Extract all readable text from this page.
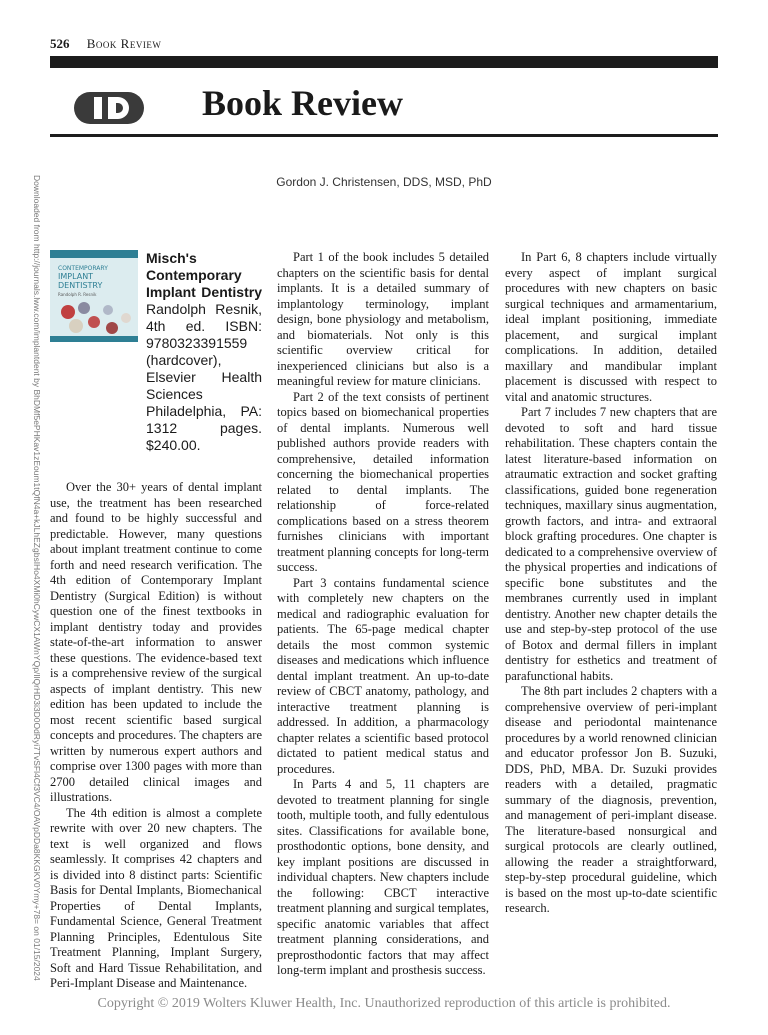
526 Book Review
Book Review
Downloaded from http://journals.lww.com/implantdent by BhDMf5ePHKav1zEoum1tQfN4a+kJLhEZgbsIHo4XMi0hCywCX1AWnYQp/IlQrHD3i3D0OdRyi7TvSFl4Cf3VC4/OAVpDDa8KKGKV0Ymy+78= on 01/15/2024	Gordon J. Christensen, DDS, MSD, PhD
CONTEMPORARY
IMPLANT
DENTISTRY
Randolph R. Resnik
Misch's Contemporary Implant Dentistry Randolph Resnik, 4th ed. ISBN: 9780323391559 (hardcover), Elsevier Health Sciences Philadelphia, PA: 1312 pages. $240.00.

Over the 30+ years of dental implant use, the treatment has been researched and found to be highly successful and predictable. However, many questions about implant treatment continue to come forth and need research verification. The 4th edition of Contemporary Implant Dentistry (Surgical Edition) is without question one of the finest textbooks in implant dentistry today and provides state-of-the-art information to answer these questions. The evidence-based text is a comprehensive review of the surgical aspects of implant dentistry. This new edition has been updated to include the most recent scientific based surgical concepts and procedures. The chapters are written by numerous expert authors and comprise over 1300 pages with more than 2700 detailed clinical images and illustrations.

The 4th edition is almost a complete rewrite with over 20 new chapters. The text is well organized and flows seamlessly. It comprises 42 chapters and is divided into 8 distinct parts: Scientific Basis for Dental Implants, Biomechanical Properties of Dental Implants, Fundamental Science, General Treatment Planning Principles, Edentulous Site Treatment Planning, Implant Surgery, Soft and Hard Tissue Rehabilitation, and Peri-Implant Disease and Maintenance.

Part 1 of the book includes 5 detailed chapters on the scientific basis for dental implants. It is a detailed summary of implantology terminology, implant design, bone physiology and metabolism, and biomaterials. Not only is this scientific overview critical for inexperienced clinicians but also is a meaningful review for mature clinicians.

Part 2 of the text consists of pertinent topics based on biomechanical properties of dental implants. Numerous well published authors provide readers with comprehensive, detailed information concerning the biomechanical properties related to dental implants. The relationship of force-related complications based on a stress theorem furnishes clinicians with important treatment planning concepts for long-term success.

Part 3 contains fundamental science with completely new chapters on the medical and radiographic evaluation for patients. The 65-page medical chapter details the most common systemic diseases and medications which influence dental implant treatment. An up-to-date review of CBCT anatomy, pathology, and interactive treatment planning is addressed. In addition, a pharmacology chapter relates a scientific based protocol dictated to patient medical status and procedures.

In Parts 4 and 5, 11 chapters are devoted to treatment planning for single tooth, multiple tooth, and fully edentulous sites. Classifications for available bone, prosthodontic options, bone density, and key implant positions are discussed in individual chapters. New chapters include the following: CBCT interactive treatment planning and surgical templates, specific anatomic variables that affect treatment planning considerations, and preprosthodontic factors that may affect long-term implant and prosthesis success.

In Part 6, 8 chapters include virtually every aspect of implant surgical procedures with new chapters on basic surgical techniques and armamentarium, ideal implant positioning, immediate placement, and surgical implant complications. In addition, detailed maxillary and mandibular implant placement is discussed with respect to vital and anatomic structures.

Part 7 includes 7 new chapters that are devoted to soft and hard tissue rehabilitation. These chapters contain the latest literature-based information on atraumatic extraction and socket grafting classifications, guided bone regeneration techniques, maxillary sinus augmentation, growth factors, and intra- and extraoral block grafting procedures. One chapter is dedicated to a comprehensive overview of the physical properties and indications of specific bone substitutes and the membranes currently used in implant dentistry. Another new chapter details the use and step-by-step protocol of the use of Botox and dermal fillers in implant dentistry for esthetics and treatment of parafunctional habits.

The 8th part includes 2 chapters with a comprehensive overview of peri-implant disease and periodontal maintenance procedures by a world renowned clinician and educator professor Jon B. Suzuki, DDS, PhD, MBA. Dr. Suzuki provides readers with a detailed, pragmatic summary of the diagnosis, prevention, and management of peri-implant disease. The literature-based nonsurgical and surgical protocols are clearly outlined, allowing the reader a straightforward, step-by-step procedural guideline, which is based on the most up-to-date scientific research.

Copyright © 2019 Wolters Kluwer Health, Inc. Unauthorized reproduction of this article is prohibited.
